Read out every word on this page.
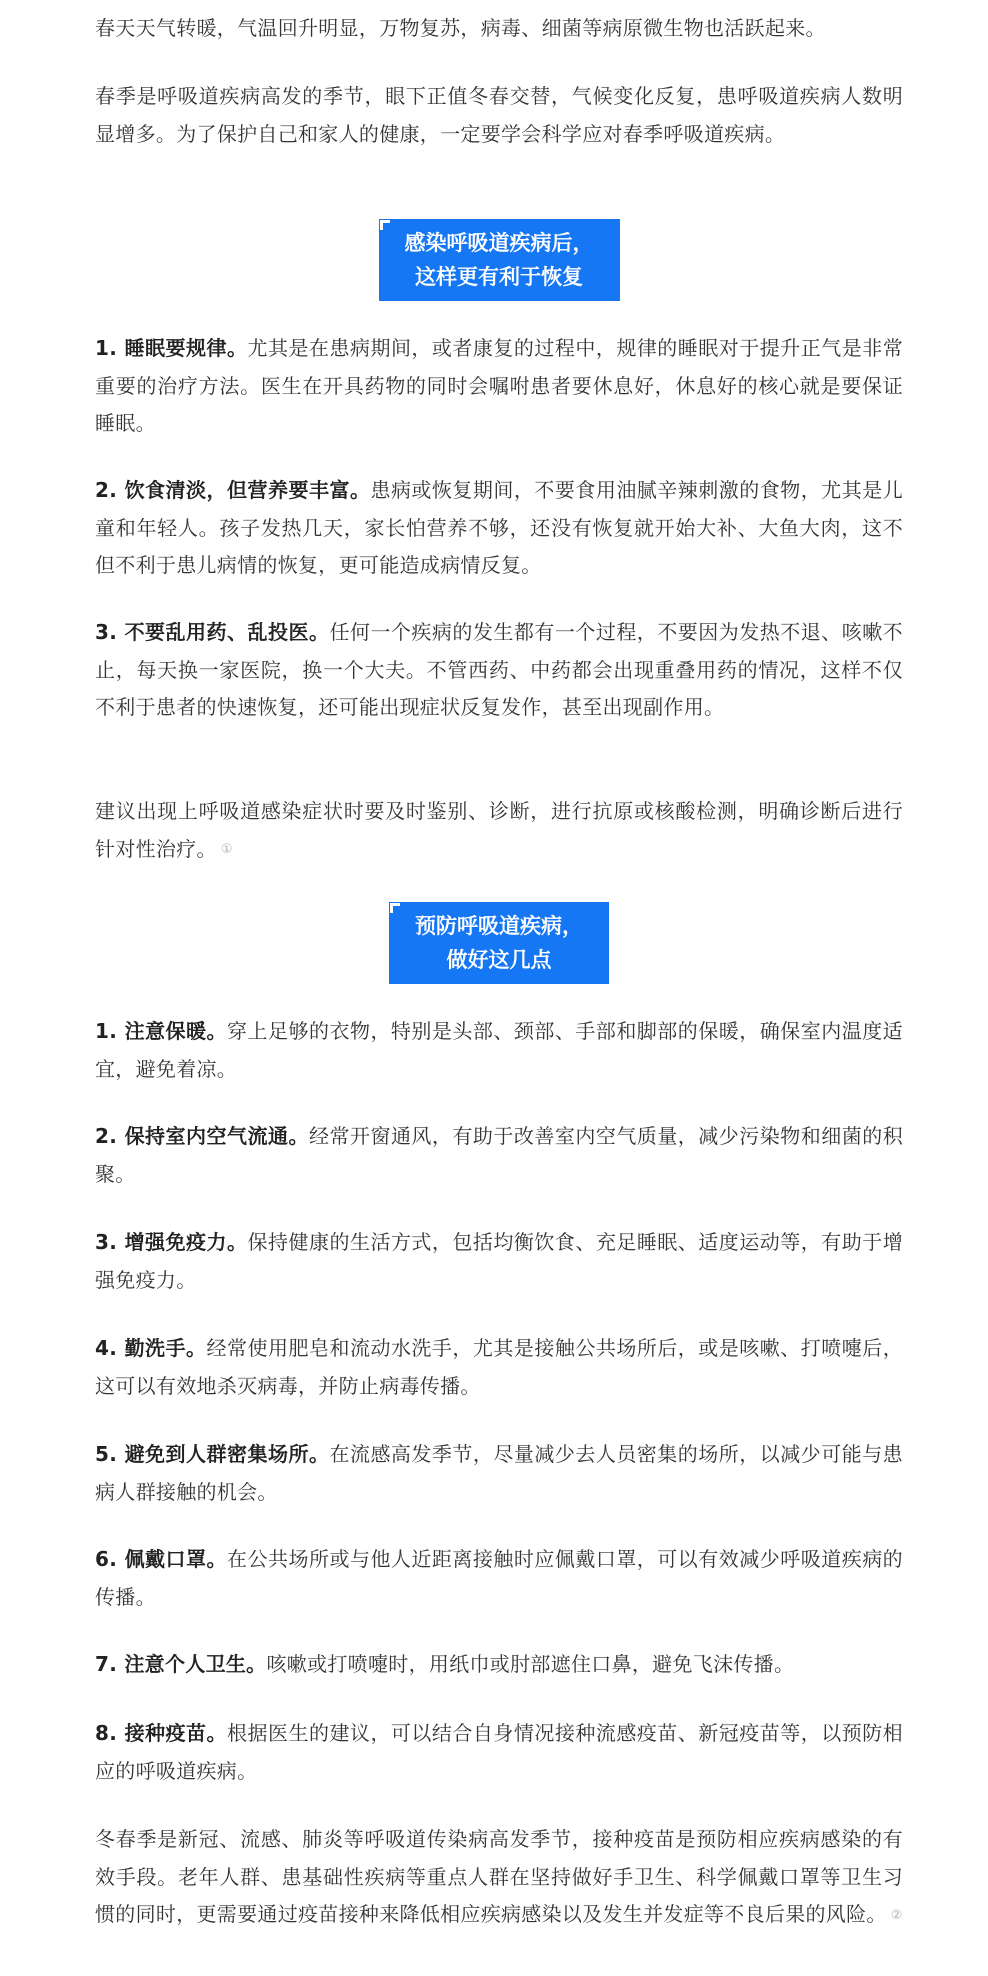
春天天气转暖，气温回升明显，万物复苏，病毒、细菌等病原微生物也活跃起来。

春季是呼吸道疾病高发的季节，眼下正值冬春交替，气候变化反复，患呼吸道疾病人数明显增多。为了保护自己和家人的健康，一定要学会科学应对春季呼吸道疾病。

感染呼吸道疾病后，
这样更有利于恢复

1. 睡眠要规律。尤其是在患病期间，或者康复的过程中，规律的睡眠对于提升正气是非常重要的治疗方法。医生在开具药物的同时会嘱咐患者要休息好，休息好的核心就是要保证睡眠。

2. 饮食清淡，但营养要丰富。患病或恢复期间，不要食用油腻辛辣刺激的食物，尤其是儿童和年轻人。孩子发热几天，家长怕营养不够，还没有恢复就开始大补、大鱼大肉，这不但不利于患儿病情的恢复，更可能造成病情反复。

3. 不要乱用药、乱投医。任何一个疾病的发生都有一个过程，不要因为发热不退、咳嗽不止，每天换一家医院，换一个大夫。不管西药、中药都会出现重叠用药的情况，这样不仅不利于患者的快速恢复，还可能出现症状反复发作，甚至出现副作用。

建议出现上呼吸道感染症状时要及时鉴别、诊断，进行抗原或核酸检测，明确诊断后进行针对性治疗。 ①

预防呼吸道疾病，
做好这几点

1. 注意保暖。穿上足够的衣物，特别是头部、颈部、手部和脚部的保暖，确保室内温度适宜，避免着凉。

2. 保持室内空气流通。经常开窗通风，有助于改善室内空气质量，减少污染物和细菌的积聚。

3. 增强免疫力。保持健康的生活方式，包括均衡饮食、充足睡眠、适度运动等，有助于增强免疫力。

4. 勤洗手。经常使用肥皂和流动水洗手，尤其是接触公共场所后，或是咳嗽、打喷嚏后，这可以有效地杀灭病毒，并防止病毒传播。

5. 避免到人群密集场所。在流感高发季节，尽量减少去人员密集的场所，以减少可能与患病人群接触的机会。

6. 佩戴口罩。在公共场所或与他人近距离接触时应佩戴口罩，可以有效减少呼吸道疾病的传播。

7. 注意个人卫生。咳嗽或打喷嚏时，用纸巾或肘部遮住口鼻，避免飞沫传播。

8. 接种疫苗。根据医生的建议，可以结合自身情况接种流感疫苗、新冠疫苗等，以预防相应的呼吸道疾病。

冬春季是新冠、流感、肺炎等呼吸道传染病高发季节，接种疫苗是预防相应疾病感染的有效手段。老年人群、患基础性疾病等重点人群在坚持做好手卫生、科学佩戴口罩等卫生习惯的同时，更需要通过疫苗接种来降低相应疾病感染以及发生并发症等不良后果的风险。 ②
